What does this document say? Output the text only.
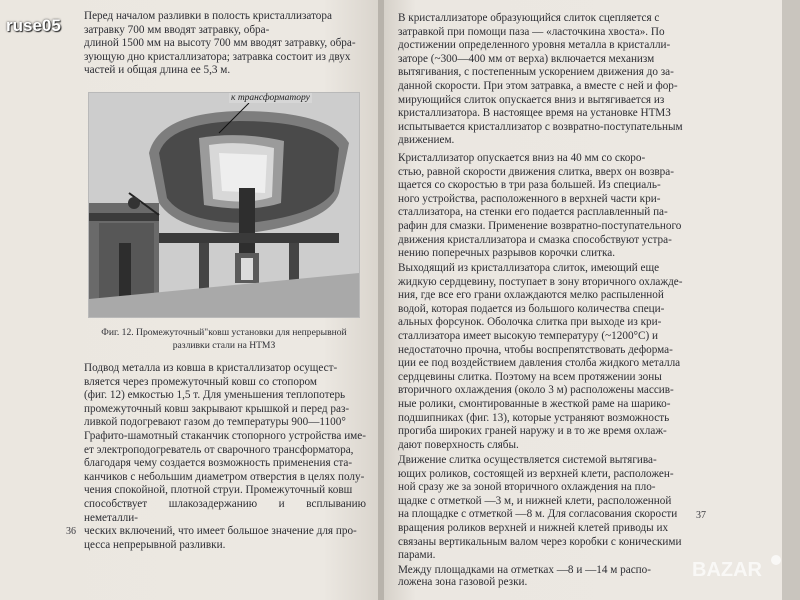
Перед началом разливки в полость кристаллизатора
затравку 700 мм вводят затравку, обра-
длиной 1500 мм на высоту 700 мм вводят затравку, обра-
зующую дно кристаллизатора; затравка состоит из двух
частей и общая длина ее 5,3 м.

к трансформатору

Фиг. 12. Промежуточный"ковш установки для непрерывной
разливки стали на НТМЗ

Подвод металла из ковша в кристаллизатор осущест-
вляется через промежуточный ковш со стопором
(фиг. 12) емкостью 1,5 т. Для уменьшения теплопотерь
промежуточный ковш закрывают крышкой и перед раз-
ливкой подогревают газом до температуры 900—1100°
Графито-шамотный стаканчик стопорного устройства име-
ет электроподогреватель от сварочного трансформатора,
благодаря чему создается возможность применения ста-
канчиков с небольшим диаметром отверстия в целях полу-
чения спокойной, плотной струи. Промежуточный ковш
способствует шлакозадержанию и всплыванию неметалли-
ческих включений, что имеет большое значение для про-
цесса непрерывной разливки.

36

В кристаллизаторе образующийся слиток сцепляется с
затравкой при помощи паза — «ласточкина хвоста». По
достижении определенного уровня металла в кристалли-
заторе (~300—400 мм от верха) включается механизм
вытягивания, с постепенным ускорением движения до за-
данной скорости. При этом затравка, а вместе с ней и фор-
мирующийся слиток опускается вниз и вытягивается из
кристаллизатора. В настоящее время на установке НТМЗ
испытывается кристаллизатор с возвратно-поступательным
движением.

Кристаллизатор опускается вниз на 40 мм со скоро-
стью, равной скорости движения слитка, вверх он возвра-
щается со скоростью в три раза большей. Из специаль-
ного устройства, расположенного в верхней части кри-
сталлизатора, на стенки его подается расплавленный па-
рафин для смазки. Применение возвратно-поступательного
движения кристаллизатора и смазка способствуют устра-
нению поперечных разрывов корочки слитка.

Выходящий из кристаллизатора слиток, имеющий еще
жидкую сердцевину, поступает в зону вторичного охлажде-
ния, где все его грани охлаждаются мелко распыленной
водой, которая подается из большого количества специ-
альных форсунок. Оболочка слитка при выходе из кри-
сталлизатора имеет высокую температуру (~1200°С) и
недостаточно прочна, чтобы воспрепятствовать деформа-
ции ее под воздействием давления столба жидкого металла
сердцевины слитка. Поэтому на всем протяжении зоны
вторичного охлаждения (около 3 м) расположены массив-
ные ролики, смонтированные в жесткой раме на шарико-
подшипниках (фиг. 13), которые устраняют возможность
прогиба широких граней наружу и в то же время охлаж-
дают поверхность слябы.

Движение слитка осуществляется системой вытягива-
ющих роликов, состоящей из верхней клети, расположен-
ной сразу же за зоной вторичного охлаждения на пло-
щадке с отметкой —3 м, и нижней клети, расположенной
на площадке с отметкой —8 м. Для согласования скорости
вращения роликов верхней и нижней клетей приводы их
связаны вертикальным валом через коробки с коническими
парами.

Между площадками на отметках —8 и —14 м распо-
ложена зона газовой резки.

37
ruse05
BAZAR
